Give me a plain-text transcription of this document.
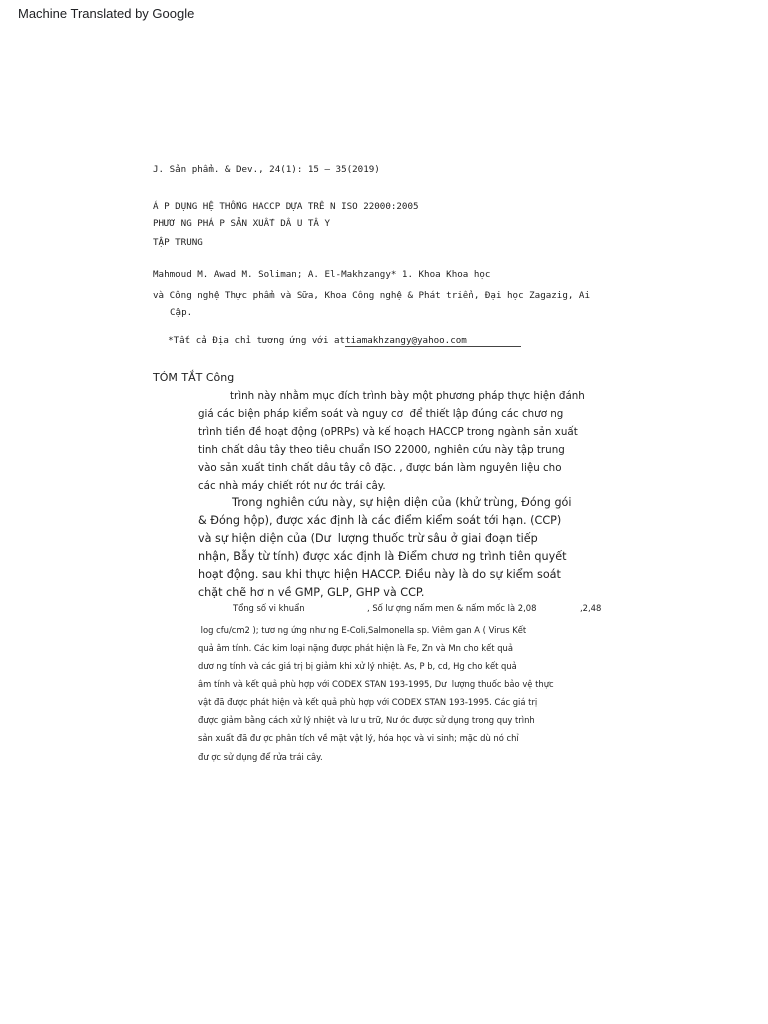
Machine Translated by Google
J. Sản phẩm. & Dev., 24(1): 15 – 35(2019)
Á P DỤNG HỆ THỐNG HACCP DỰA TRÊ N ISO 22000:2005
PHƯƠ NG PHÁ P SẢN XUẤT DÂ U TÂ Y
TẬP TRUNG
Mahmoud M. Awad M. Soliman; A. El-Makhzangy* 1. Khoa Khoa học
và Công nghệ Thực phẩm và Sữa, Khoa Công nghệ & Phát triển, Đại học Zagazig, Ai
Cập.

*Tất cả Địa chỉ tương ứng với attiamakhzangy@yahoo.com

TÓM TẮT Công
trình này nhằm mục đích trình bày một phương pháp thực hiện đánh
giá các biện pháp kiểm soát và nguy cơ  để thiết lập đúng các chươ ng
trình tiền đề hoạt động (oPRPs) và kế hoạch HACCP trong ngành sản xuất
tinh chất dâu tây theo tiêu chuẩn ISO 22000, nghiên cứu này tập trung
vào sản xuất tinh chất dâu tây cô đặc. , được bán làm nguyên liệu cho
các nhà máy chiết rót nư ớc trái cây.
Trong nghiên cứu này, sự hiện diện của (khử trùng, Đóng gói
& Đóng hộp), được xác định là các điểm kiểm soát tới hạn. (CCP)
và sự hiện diện của (Dư  lượng thuốc trừ sâu ở giai đoạn tiếp
nhận, Bẫy từ tính) được xác định là Điểm chươ ng trình tiên quyết
hoạt động. sau khi thực hiện HACCP. Điều này là do sự kiểm soát
chặt chẽ hơ n về GMP, GLP, GHP và CCP.
Tổng số vi khuẩn	, Số lư ợng nấm men & nấm mốc là 2,08	,2,48
log cfu/cm2 ); tươ ng ứng như ng E-Coli,Salmonella sp. Viêm gan A ( Virus Kết
quả âm tính. Các kim loại nặng được phát hiện là Fe, Zn và Mn cho kết quả
dươ ng tính và các giá trị bị giảm khi xử lý nhiệt. As, P b, cd, Hg cho kết quả
âm tính và kết quả phù hợp với CODEX STAN 193-1995, Dư  lượng thuốc bảo vệ thực
vật đã được phát hiện và kết quả phù hợp với CODEX STAN 193-1995. Các giá trị
được giảm bằng cách xử lý nhiệt và lư u trữ, Nư ớc được sử dụng trong quy trình
sản xuất đã đư ợc phân tích về mặt vật lý, hóa học và vi sinh; mặc dù nó chỉ
đư ợc sử dụng để rửa trái cây.
